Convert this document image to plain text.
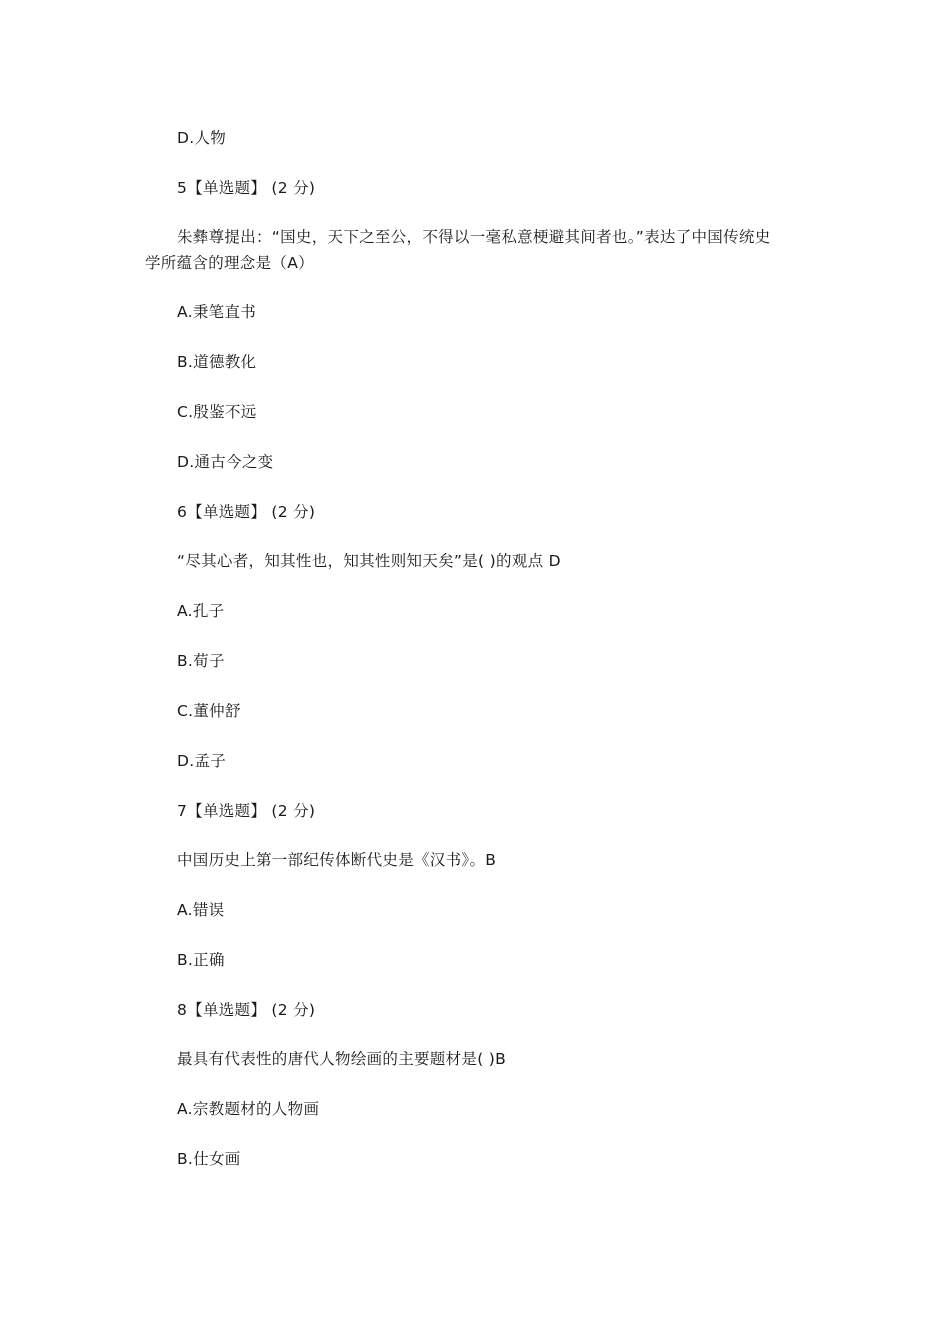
D.人物
5【单选题】 (2 分)
朱彝尊提出：“国史，天下之至公，不得以一毫私意梗避其间者也。”表达了中国传统史
学所蕴含的理念是（A）
A.秉笔直书
B.道德教化
C.殷鉴不远
D.通古今之变
6【单选题】 (2 分)
“尽其心者，知其性也，知其性则知天矣”是( )的观点 D
A.孔子
B.荀子
C.董仲舒
D.孟子
7【单选题】 (2 分)
中国历史上第一部纪传体断代史是《汉书》。B
A.错误
B.正确
8【单选题】 (2 分)
最具有代表性的唐代人物绘画的主要题材是( )B
A.宗教题材的人物画
B.仕女画
